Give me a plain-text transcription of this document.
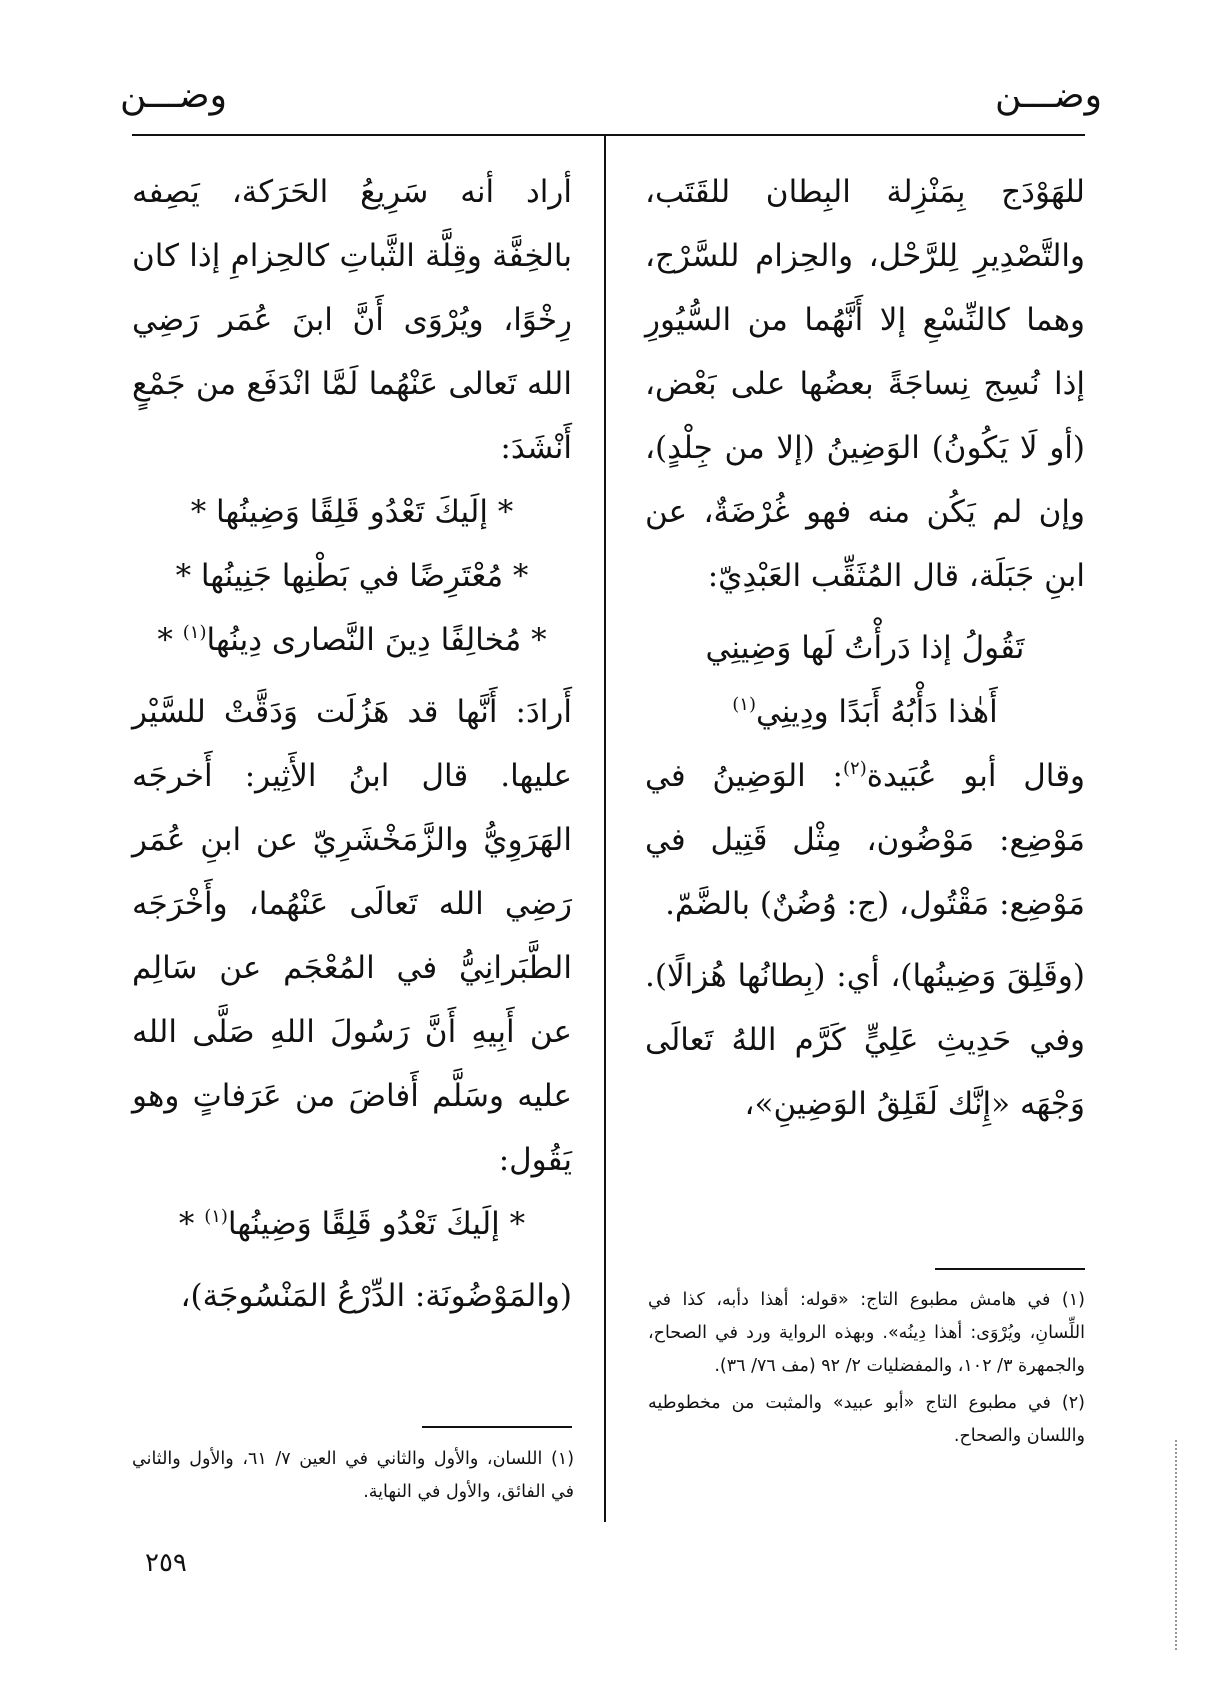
وضـــن
وضـــن

للهَوْدَج بِمَنْزِلة البِطان للقَتَب، والتَّصْدِيرِ لِلرَّحْل، والحِزام للسَّرْج، وهما كالنِّسْعِ إلا أَنَّهُما من السُّيُورِ إذا نُسِج نِساجَةً بعضُها على بَعْض، (أو لَا يَكُونُ) الوَضِينُ (إلا من جِلْدٍ)، وإن لم يَكُن منه فهو غُرْضَةٌ، عن ابنِ جَبَلَة، قال المُثَقِّب العَبْدِيّ:

تَقُولُ إذا دَرأْتُ لَها وَضِينِي

أَهٰذا دَأْبُهُ أَبَدًا ودِينِي$^{(١)}$

وقال أبو عُبَيدة$^{(٢)}$: الوَضِينُ في مَوْضِع: مَوْضُون، مِثْل قَتِيل في مَوْضِع: مَقْتُول، (ج: وُضُنٌ) بالضَّمّ.

(وقَلِقَ وَضِينُها)، أي: (بِطانُها هُزالًا). وفي حَدِيثِ عَلِيٍّ كَرَّم اللهُ تَعالَى وَجْهَه «إِنَّك لَقَلِقُ الوَضِينِ»،

(١) في هامش مطبوع التاج: «قوله: أهذا دأبه، كذا في اللِّسانِ، ويُرْوَى: أهذا دِينُه». وبهذه الرواية ورد في الصحاح، والجمهرة ٣/ ١٠٢، والمفضليات ٢/ ٩٢ (مف ٧٦/ ٣٦).

(٢) في مطبوع التاج «أبو عبيد» والمثبت من مخطوطيه واللسان والصحاح.

أراد أنه سَرِيعُ الحَرَكة، يَصِفه بالخِفَّة وقِلَّة الثَّباتِ كالحِزامِ إذا كان رِخْوًا، ويُرْوَى أَنَّ ابنَ عُمَر رَضِي الله تَعالى عَنْهُما لَمَّا انْدَفَع من جَمْعٍ أَنْشَدَ:

* إلَيكَ تَعْدُو قَلِقًا وَضِينُها *

* مُعْتَرِضًا في بَطْنِها جَنِينُها *

* مُخالِفًا دِينَ النَّصارى دِينُها$^{(١)}$ *

أَرادَ: أَنَّها قد هَزُلَت وَدَقَّتْ للسَّيْر عليها. قال ابنُ الأَثِير: أَخرجَه الهَرَوِيُّ والزَّمَخْشَرِيّ عن ابنِ عُمَر رَضِي الله تَعالَى عَنْهُما، وأَخْرَجَه الطَّبَرانِيُّ في المُعْجَم عن سَالِم عن أَبِيهِ أَنَّ رَسُولَ اللهِ صَلَّى الله عليه وسَلَّم أَفاضَ من عَرَفاتٍ وهو يَقُول:

* إلَيكَ تَعْدُو قَلِقًا وَضِينُها$^{(١)}$ *

(والمَوْضُونَة: الدِّرْعُ المَنْسُوجَة)،

(١) اللسان، والأول والثاني في العين ٧/ ٦١، والأول والثاني في الفائق، والأول في النهاية.

٢٥٩
